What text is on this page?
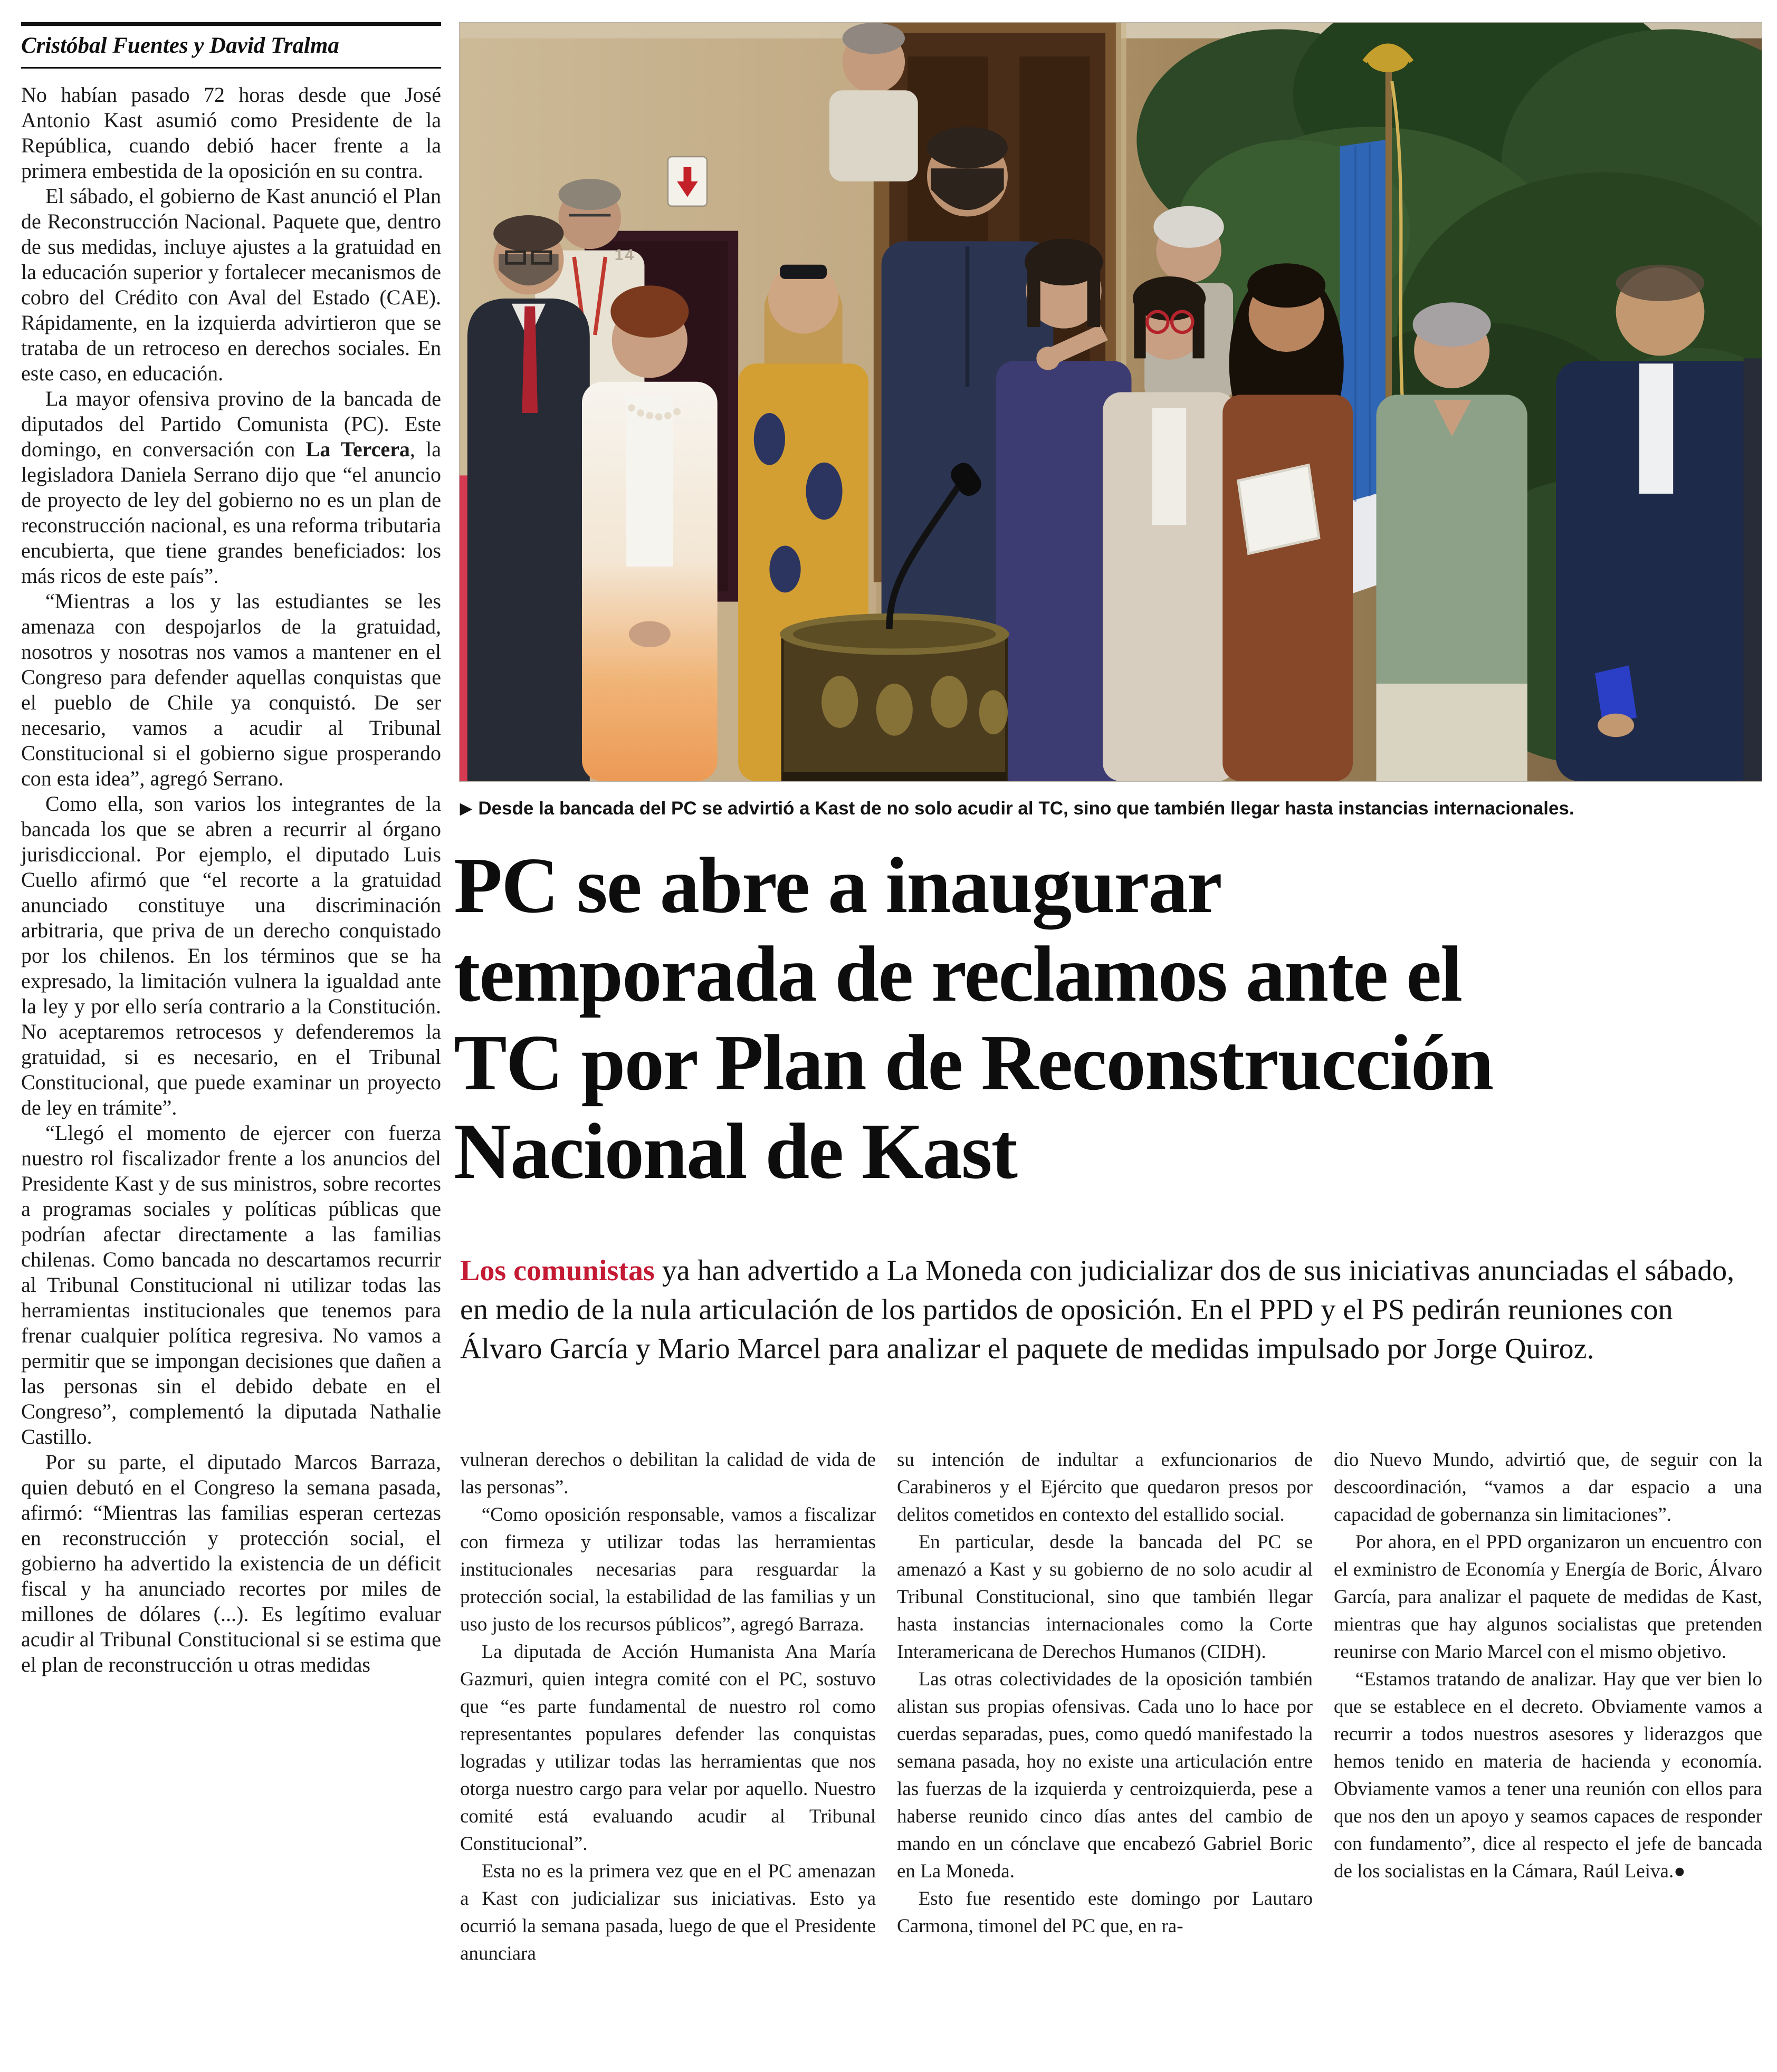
Cristóbal Fuentes y David Tralma

No habían pasado 72 horas desde que José Antonio Kast asumió como Presidente de la República, cuando debió hacer frente a la primera embestida de la oposición en su contra.

El sábado, el gobierno de Kast anunció el Plan de Reconstrucción Nacional. Paquete que, dentro de sus medidas, incluye ajustes a la gratuidad en la educación superior y fortalecer mecanismos de cobro del Crédito con Aval del Estado (CAE). Rápidamente, en la izquierda advirtieron que se trataba de un retroceso en derechos sociales. En este caso, en educación.

La mayor ofensiva provino de la bancada de diputados del Partido Comunista (PC). Este domingo, en conversación con La Tercera, la legisladora Daniela Serrano dijo que “el anuncio de proyecto de ley del gobierno no es un plan de reconstrucción nacional, es una reforma tributaria encubierta, que tiene grandes beneficiados: los más ricos de este país”.

“Mientras a los y las estudiantes se les amenaza con despojarlos de la gratuidad, nosotros y nosotras nos vamos a mantener en el Congreso para defender aquellas conquistas que el pueblo de Chile ya conquistó. De ser necesario, vamos a acudir al Tribunal Constitucional si el gobierno sigue prosperando con esta idea”, agregó Serrano.

Como ella, son varios los integrantes de la bancada los que se abren a recurrir al órgano jurisdiccional. Por ejemplo, el diputado Luis Cuello afirmó que “el recorte a la gratuidad anunciado constituye una discriminación arbitraria, que priva de un derecho conquistado por los chilenos. En los términos que se ha expresado, la limitación vulnera la igualdad ante la ley y por ello sería contrario a la Constitución. No aceptaremos retrocesos y defenderemos la gratuidad, si es necesario, en el Tribunal Constitucional, que puede examinar un proyecto de ley en trámite”.

“Llegó el momento de ejercer con fuerza nuestro rol fiscalizador frente a los anuncios del Presidente Kast y de sus ministros, sobre recortes a programas sociales y políticas públicas que podrían afectar directamente a las familias chilenas. Como bancada no descartamos recurrir al Tribunal Constitucional ni utilizar todas las herramientas institucionales que tenemos para frenar cualquier política regresiva. No vamos a permitir que se impongan decisiones que dañen a las personas sin el debido debate en el Congreso”, complementó la diputada Nathalie Castillo.

Por su parte, el diputado Marcos Barraza, quien debutó en el Congreso la semana pasada, afirmó: “Mientras las familias esperan certezas en reconstrucción y protección social, el gobierno ha advertido la existencia de un déficit fiscal y ha anunciado recortes por miles de millones de dólares (...). Es legítimo evaluar acudir al Tribunal Constitucional si se estima que el plan de reconstrucción u otras medidas

14
▶ Desde la bancada del PC se advirtió a Kast de no solo acudir al TC, sino que también llegar hasta instancias internacionales.
PC se abre a inaugurar
temporada de reclamos ante el
TC por Plan de Reconstrucción
Nacional de Kast

Los comunistas ya han advertido a La Moneda con judicializar dos de sus iniciativas anunciadas el sábado, en medio de la nula articulación de los partidos de oposición. En el PPD y el PS pedirán reuniones con Álvaro García y Mario Marcel para analizar el paquete de medidas impulsado por Jorge Quiroz.

vulneran derechos o debilitan la calidad de vida de las personas”.

“Como oposición responsable, vamos a fiscalizar con firmeza y utilizar todas las herramientas institucionales necesarias para resguardar la protección social, la estabilidad de las familias y un uso justo de los recursos públicos”, agregó Barraza.

La diputada de Acción Humanista Ana María Gazmuri, quien integra comité con el PC, sostuvo que “es parte fundamental de nuestro rol como representantes populares defender las conquistas logradas y utilizar todas las herramientas que nos otorga nuestro cargo para velar por aquello. Nuestro comité está evaluando acudir al Tribunal Constitucional”.

Esta no es la primera vez que en el PC amenazan a Kast con judicializar sus iniciativas. Esto ya ocurrió la semana pasada, luego de que el Presidente anunciara

su intención de indultar a exfuncionarios de Carabineros y el Ejército que quedaron presos por delitos cometidos en contexto del estallido social.

En particular, desde la bancada del PC se amenazó a Kast y su gobierno de no solo acudir al Tribunal Constitucional, sino que también llegar hasta instancias internacionales como la Corte Interamericana de Derechos Humanos (CIDH).

Las otras colectividades de la oposición también alistan sus propias ofensivas. Cada uno lo hace por cuerdas separadas, pues, como quedó manifestado la semana pasada, hoy no existe una articulación entre las fuerzas de la izquierda y centroizquierda, pese a haberse reunido cinco días antes del cambio de mando en un cónclave que encabezó Gabriel Boric en La Moneda.

Esto fue resentido este domingo por Lautaro Carmona, timonel del PC que, en ra-

dio Nuevo Mundo, advirtió que, de seguir con la descoordinación, “vamos a dar espacio a una capacidad de gobernanza sin limitaciones”.

Por ahora, en el PPD organizaron un encuentro con el exministro de Economía y Energía de Boric, Álvaro García, para analizar el paquete de medidas de Kast, mientras que hay algunos socialistas que pretenden reunirse con Mario Marcel con el mismo objetivo.

“Estamos tratando de analizar. Hay que ver bien lo que se establece en el decreto. Obviamente vamos a recurrir a todos nuestros asesores y liderazgos que hemos tenido en materia de hacienda y economía. Obviamente vamos a tener una reunión con ellos para que nos den un apoyo y seamos capaces de responder con fundamento”, dice al respecto el jefe de bancada de los socialistas en la Cámara, Raúl Leiva.●
